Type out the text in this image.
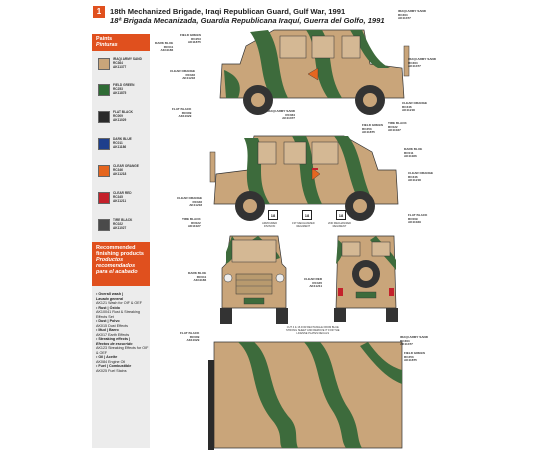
1	18th Mechanized Brigade, Iraqi Republican Guard, Gulf War, 1991
18ª Brigada Mecanizada, Guardia Republicana Iraquí, Guerra del Golfo, 1991
Paints
Pinturas
IRAQI ARMY SAND
RC364
AK11377
FIELD GREEN
RC253
AK11875
FLAT BLACK
RC009
AK11029
DARK BLUE
RC011
AK11186
CLEAR ORANGE
RC346
AK11218
CLEAR RED
RC345
AK11211
TIRE BLACK
RC022
AK11027
Recommended finishing products
Productos recomendados para el acabado
• Overall wash |
Lavado general
AK121 Wash for OIF & OEF
• Rust | Óxido
AK10041 Rust & Streaking Effects Set
• Dust | Polvo
AK015 Dust Effects
• Mud | Barro
AK017 Earth Effects
• Streaking effects |
Efectos de escurrido
AK123 Streaking Effects for OIF & OEF
• Oil | Aceite
AK084 Engine Oil
• Fuel | Combustible
AK025 Fuel Stains
FIELD GREEN
RC253
AK11875
IRAQI ARMY SAND
RC364
AK11377
CLEAR ORANGE
RC346
AK11218
FLAT BLACK
RC009
AK11029
IRAQI ARMY SAND
RC364
AK11377
DARK BLUE
RC011
AK11186
IRAQI ARMY SAND
RC364
AK11377
FIELD GREEN
RC253
AK11875
CLEAR ORANGE
RC346
AK11218
TIRE BLACK
RC022
AK11027
DARK BLUE
RC011
AK11186
CLEAR ORANGE
RC346
AK11218
TIRE BLACK
RC022
AK11027
CLEAR ORANGE
RC346
AK11218
FLAT BLACK
RC009
AK11029
18	18	18
ARMOURED
DIVISION
1ST MECHANIZED
REGIMENT
2ND MECHANIZED
REGIMENT
DARK BLUE
RC011
AK11186	CLEAR RED
RC345
AK11211
CUT 4 & 16 FOR RECTANGLE FROM BLUE
STRONG SHEET AND REMOVE IT FOR THE
LICENSE PLATES DECALS
FLAT BLACK
RC009
AK11029
IRAQI ARMY SAND
RC364
AK11377
FIELD GREEN
RC253
AK11875
